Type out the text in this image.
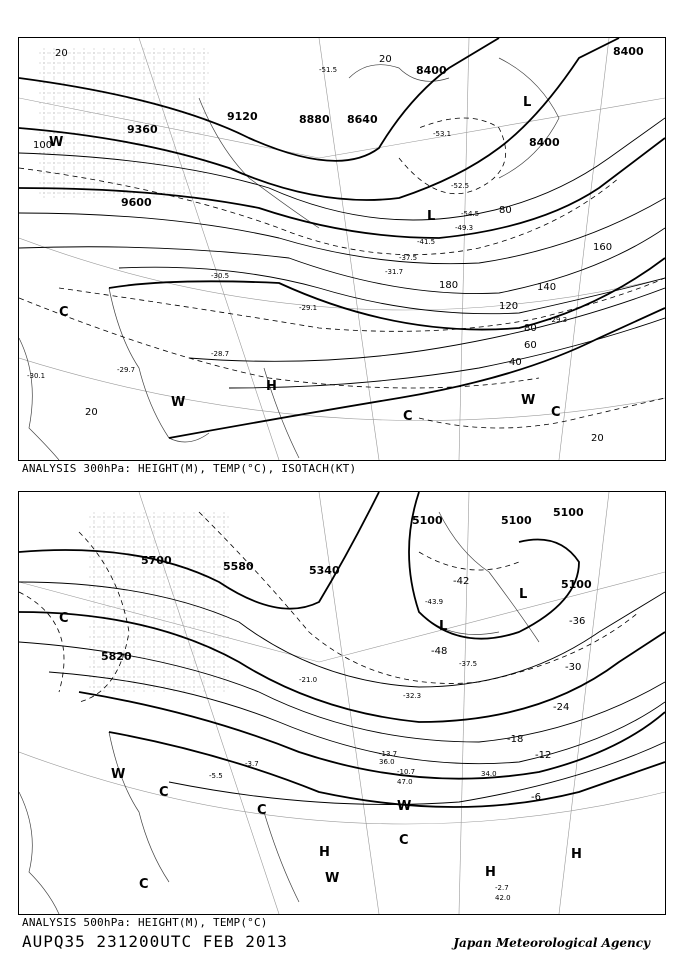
8400
8400
8400
8640
8880
9120
9360
9600
20
20
20
20
40
60
80
80
100
120
140
160
180
-51.5
-53.1
-54.5
-52.5
-49.3
-41.5
-37.5
-31.7
-30.5
-29.1
-29.3
-28.7
-30.1
-29.7
L
L
H
W
W	W
C
C	C
ANALYSIS 300hPa: HEIGHT(M), TEMP(°C), ISOTACH(KT)
5100	5100
5100
5100
5340
5580
5700
5820
-42
-48
-36
-30
-24
-18
-12
-6
-43.9
-37.5
-32.3
-21.0
-13.7
-10.7
-5.5
-3.7
-2.7
42.0
47.0
36.0
34.0
L
L
H
H
H
W
W
W
C
C
C
C
C
ANALYSIS 500hPa: HEIGHT(M), TEMP(°C)
AUPQ35 231200UTC FEB 2013	Japan Meteorological Agency
